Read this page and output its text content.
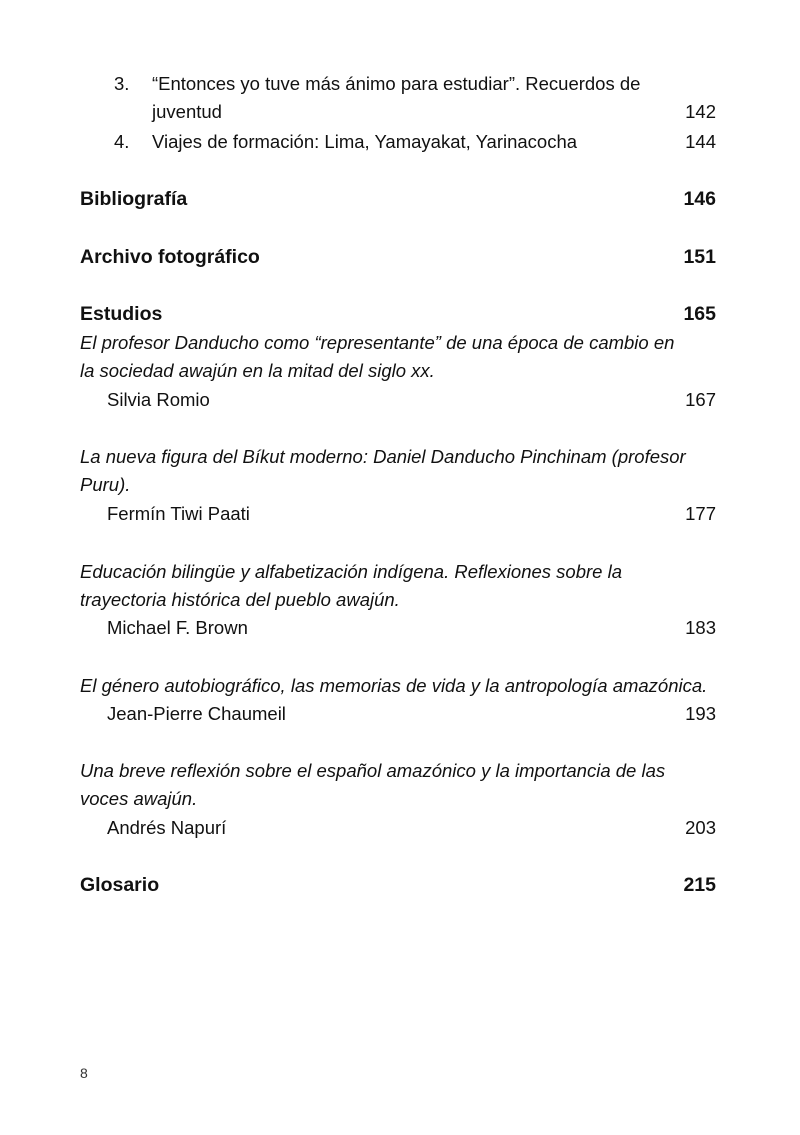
3. “Entonces yo tuve más ánimo para estudiar”. Recuerdos de
juventud	142
4. Viajes de formación: Lima, Yamayakat, Yarinacocha	144
Bibliografía	146
Archivo fotográfico	151
Estudios	165
El profesor Danducho como “representante” de una época de cambio en
la sociedad awajún en la mitad del siglo xx.
Silvia Romio	167
La nueva figura del Bíkut moderno: Daniel Danducho Pinchinam (profesor
Puru).
Fermín Tiwi Paati	177
Educación bilingüe y alfabetización indígena. Reflexiones sobre la
trayectoria histórica del pueblo awajún.
Michael F. Brown	183
El género autobiográfico, las memorias de vida y la antropología amazónica.
Jean-Pierre Chaumeil	193
Una breve reflexión sobre el español amazónico y la importancia de las
voces awajún.
Andrés Napurí	203
Glosario	215
8
